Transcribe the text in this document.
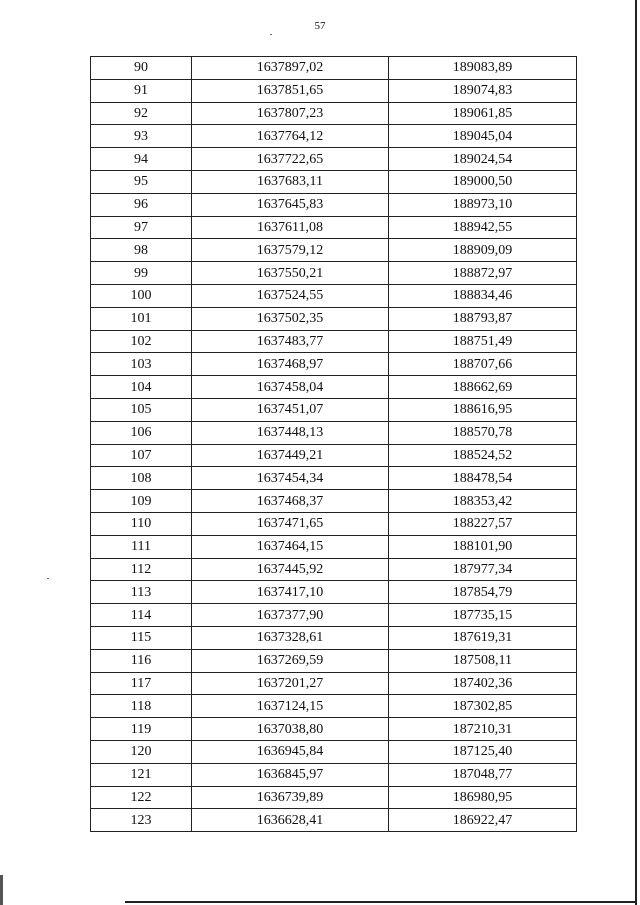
57
90	1637897,02	189083,89
91	1637851,65	189074,83
92	1637807,23	189061,85
93	1637764,12	189045,04
94	1637722,65	189024,54
95	1637683,11	189000,50
96	1637645,83	188973,10
97	1637611,08	188942,55
98	1637579,12	188909,09
99	1637550,21	188872,97
100	1637524,55	188834,46
101	1637502,35	188793,87
102	1637483,77	188751,49
103	1637468,97	188707,66
104	1637458,04	188662,69
105	1637451,07	188616,95
106	1637448,13	188570,78
107	1637449,21	188524,52
108	1637454,34	188478,54
109	1637468,37	188353,42
110	1637471,65	188227,57
111	1637464,15	188101,90
112	1637445,92	187977,34
113	1637417,10	187854,79
114	1637377,90	187735,15
115	1637328,61	187619,31
116	1637269,59	187508,11
117	1637201,27	187402,36
118	1637124,15	187302,85
119	1637038,80	187210,31
120	1636945,84	187125,40
121	1636845,97	187048,77
122	1636739,89	186980,95
123	1636628,41	186922,47
